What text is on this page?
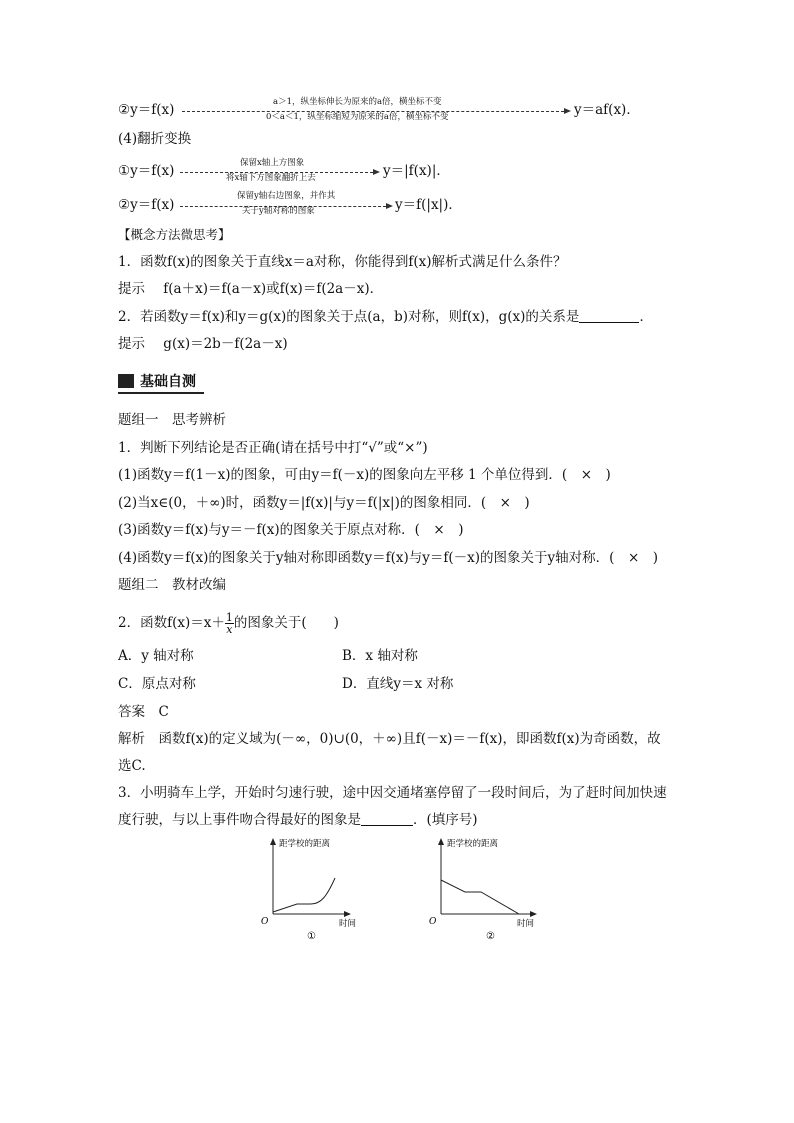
②y＝f(x)	a＞1，纵坐标伸长为原来的a倍，横坐标不变
0＜a＜1，纵坐标缩短为原来的a倍，横坐标不变	y＝af(x)．
(4)翻折变换
①y＝f(x)	保留x轴上方图象
将x轴下方图象翻折上去	y＝|f(x)|．
②y＝f(x)
保留y轴右边图象，并作其
关于y轴对称的图象	y＝f(|x|)．
【概念方法微思考】
1．函数f(x)的图象关于直线x＝a对称，你能得到f(x)解析式满足什么条件？
提示 f(a＋x)＝f(a－x)或f(x)＝f(2a－x)．
2．若函数y＝f(x)和y＝g(x)的图象关于点(a，b)对称，则f(x)，g(x)的关系是	．
提示 g(x)＝2b－f(2a－x)
基础自测
题组一　思考辨析
1．判断下列结论是否正确(请在括号中打“√”或“×”)
(1)函数y＝f(1－x)的图象，可由y＝f(－x)的图象向左平移 1 个单位得到．(　×　)
(2)当x∈(0，＋∞)时，函数y＝|f(x)|与y＝f(|x|)的图象相同．(　×　)
(3)函数y＝f(x)与y＝－f(x)的图象关于原点对称．(　×　)
(4)函数y＝f(x)的图象关于y轴对称即函数y＝f(x)与y＝f(－x)的图象关于y轴对称．(　×　)
题组二　教材改编
2．函数$f(x)=x+ \frac{1}{x}$ 的图象关于(　　)
A．y 轴对称	B．x 轴对称
C．原点对称	D．直线y＝x 对称
答案　C
解析　函数f(x)的定义域为(－∞，0)∪(0，＋∞)且f(－x)＝－f(x)，即函数f(x)为奇函数，故
选C.
3．小明骑车上学，开始时匀速行驶，途中因交通堵塞停留了一段时间后，为了赶时间加快速
度行驶，与以上事件吻合得最好的图象是	．(填序号)
距学校的距离
O	时间
①
距学校的距离
O	时间
②
